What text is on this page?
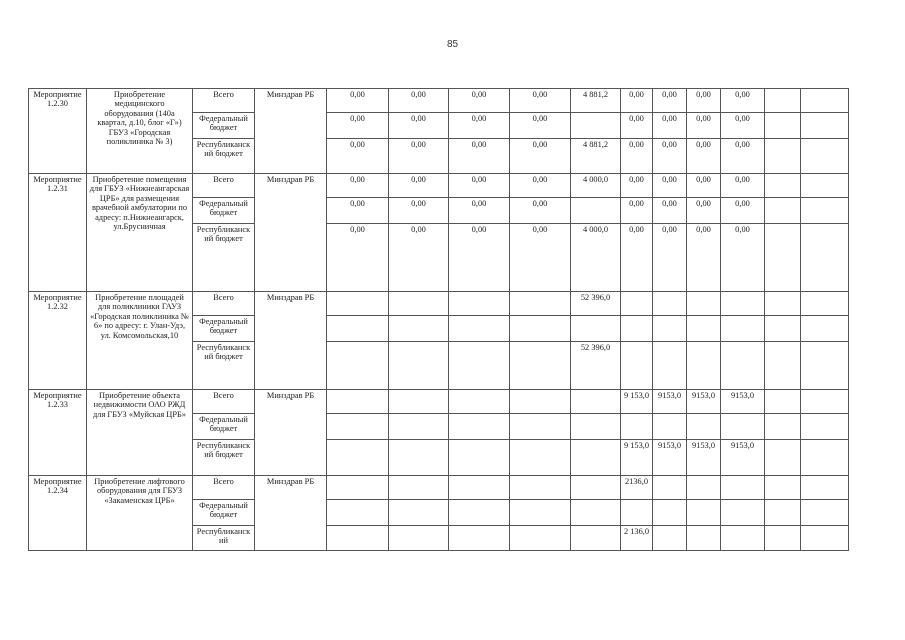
85
Мероприятие 1.2.30	Приобретение медицинского оборудования (140а квартал, д.10, блог «Г») ГБУЗ «Городская поликлиника № 3)	Всего	Минздрав РБ	0,00	0,00	0,00	0,00	4 881,2	0,00	0,00	0,00	0,00		
		Федеральный бюджет		0,00	0,00	0,00	0,00		0,00	0,00	0,00	0,00		
		Республиканский бюджет		0,00	0,00	0,00	0,00	4 881,2	0,00	0,00	0,00	0,00		
Мероприятие 1.2.31	Приобретение помещения для ГБУЗ «Нижнеангарская ЦРБ» для размещения врачебной амбулатории по адресу: п.Нижнеангарск, ул.Брусничная	Всего	Минздрав РБ	0,00	0,00	0,00	0,00	4 000,0	0,00	0,00	0,00	0,00		
		Федеральный бюджет		0,00	0,00	0,00	0,00		0,00	0,00	0,00	0,00		
		Республиканский бюджет		0,00	0,00	0,00	0,00	4 000,0	0,00	0,00	0,00	0,00		
Мероприятие 1.2.32	Приобретение площадей для поликлиники ГАУЗ «Городская поликлиника № 6» по адресу: г. Улан-Удэ, ул. Комсомольская,10	Всего	Минздрав РБ					52 396,0						
		Федеральный бюджет												
		Республиканский бюджет						52 396,0						
Мероприятие 1.2.33	Приобретение объекта недвижимости ОАО РЖД для ГБУЗ «Муйская ЦРБ»	Всего	Минздрав РБ						9 153,0	9153,0	9153,0	9153,0		
		Федеральный бюджет												
		Республиканский бюджет							9 153,0	9153,0	9153,0	9153,0		
Мероприятие 1.2.34	Приобретение лифтового оборудования для ГБУЗ «Закаменская ЦРБ»	Всего	Минздрав РБ						2136,0					
		Федеральный бюджет												
		Республиканский							2 136,0					
